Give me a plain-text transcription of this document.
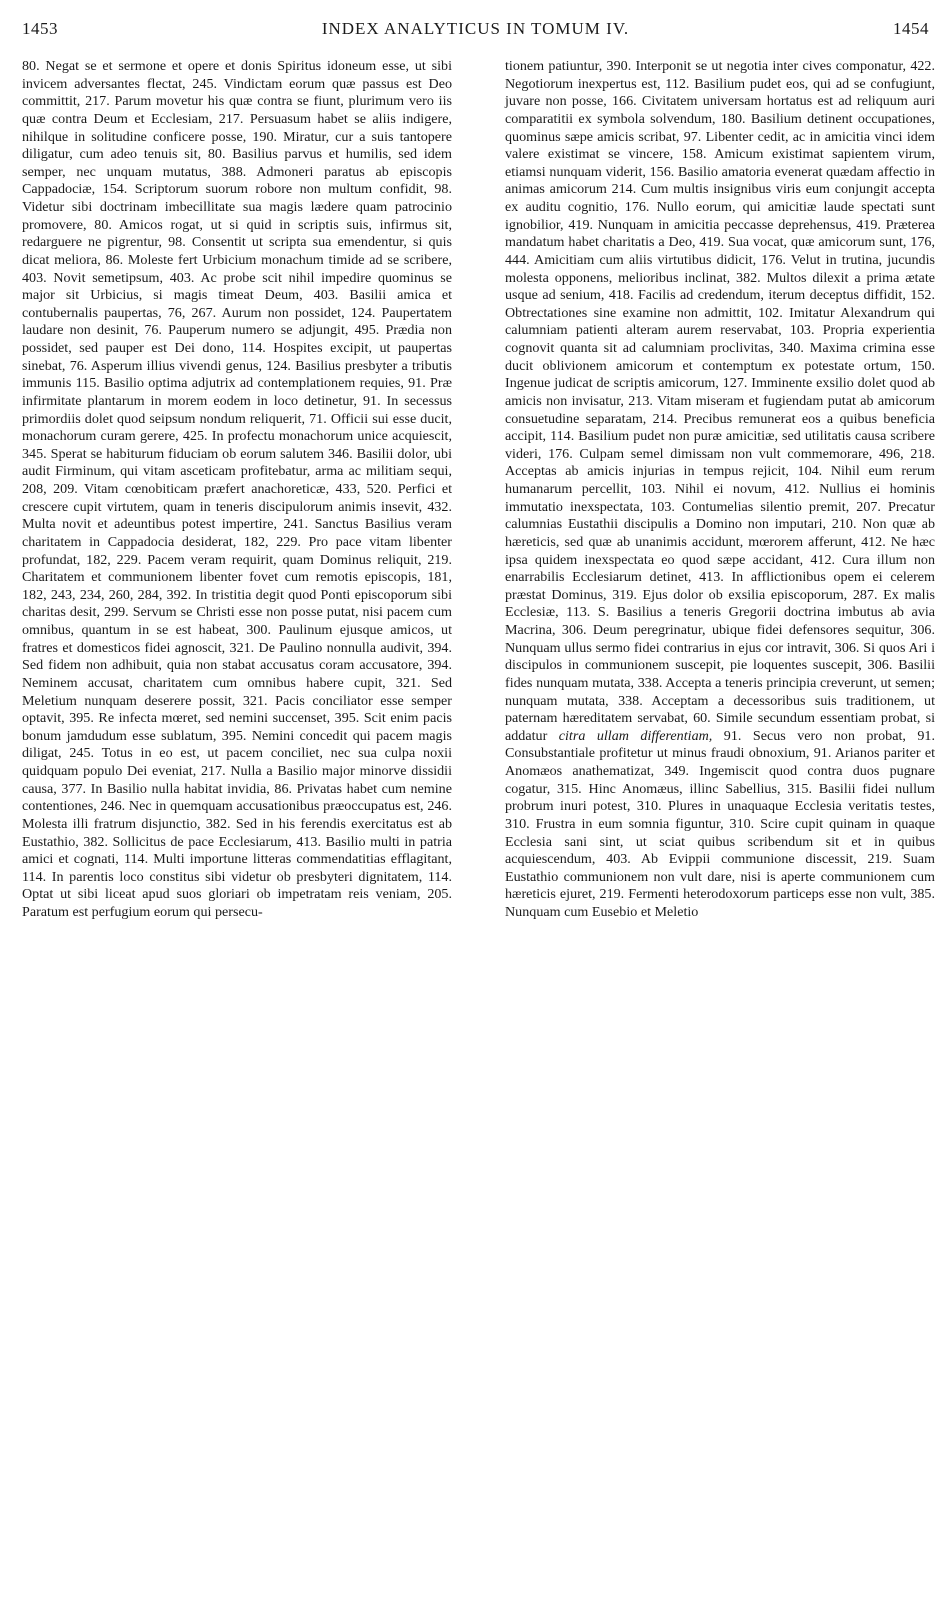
1453	INDEX ANALYTICUS IN TOMUM IV.	1454

80. Negat se et sermone et opere et donis Spiritus idoneum esse, ut sibi invicem adversantes flectat, 245. Vindictam eorum quæ passus est Deo committit, 217. Parum movetur his quæ contra se fiunt, plurimum vero iis quæ contra Deum et Ecclesiam, 217. Persuasum habet se aliis indigere, nihilque in solitudine conficere posse, 190. Miratur, cur a suis tantopere diligatur, cum adeo tenuis sit, 80. Basilius parvus et humilis, sed idem semper, nec unquam mutatus, 388. Admoneri paratus ab episcopis Cappadociæ, 154. Scriptorum suorum robore non multum confidit, 98. Videtur sibi doctrinam imbecillitate sua magis lædere quam patrocinio promovere, 80. Amicos rogat, ut si quid in scriptis suis, infirmus sit, redarguere ne pigrentur, 98. Consentit ut scripta sua emendentur, si quis dicat meliora, 86. Moleste fert Urbicium monachum timide ad se scribere, 403. Novit semetipsum, 403. Ac probe scit nihil impedire quominus se major sit Urbicius, si magis timeat Deum, 403. Basilii amica et contubernalis paupertas, 76, 267. Aurum non possidet, 124. Paupertatem laudare non desinit, 76. Pauperum numero se adjungit, 495. Prædia non possidet, sed pauper est Dei dono, 114. Hospites excipit, ut paupertas sinebat, 76. Asperum illius vivendi genus, 124. Basilius presbyter a tributis immunis 115. Basilio optima adjutrix ad contemplationem requies, 91. Præ infirmitate plantarum in morem eodem in loco detinetur, 91. In secessus primordiis dolet quod seipsum nondum reliquerit, 71. Officii sui esse ducit, monachorum curam gerere, 425. In profectu monachorum unice acquiescit, 345. Sperat se habiturum fiduciam ob eorum salutem 346. Basilii dolor, ubi audit Firminum, qui vitam asceticam profitebatur, arma ac militiam sequi, 208, 209. Vitam cœnobiticam præfert anachoreticæ, 433, 520. Perfici et crescere cupit virtutem, quam in teneris discipulorum animis insevit, 432. Multa novit et adeuntibus potest impertire, 241. Sanctus Basilius veram charitatem in Cappadocia desiderat, 182, 229. Pro pace vitam libenter profundat, 182, 229. Pacem veram requirit, quam Dominus reliquit, 219. Charitatem et communionem libenter fovet cum remotis episcopis, 181, 182, 243, 234, 260, 284, 392. In tristitia degit quod Ponti episcoporum sibi charitas desit, 299. Servum se Christi esse non posse putat, nisi pacem cum omnibus, quantum in se est habeat, 300. Paulinum ejusque amicos, ut fratres et domesticos fidei agnoscit, 321. De Paulino nonnulla audivit, 394. Sed fidem non adhibuit, quia non stabat accusatus coram accusatore, 394. Neminem accusat, charitatem cum omnibus habere cupit, 321. Sed Meletium nunquam deserere possit, 321. Pacis conciliator esse semper optavit, 395. Re infecta mœret, sed nemini succenset, 395. Scit enim pacis bonum jamdudum esse sublatum, 395. Nemini concedit qui pacem magis diligat, 245. Totus in eo est, ut pacem conciliet, nec sua culpa noxii quidquam populo Dei eveniat, 217. Nulla a Basilio major minorve dissidii causa, 377. In Basilio nulla habitat invidia, 86. Privatas habet cum nemine contentiones, 246. Nec in quemquam accusationibus præoccupatus est, 246. Molesta illi fratrum disjunctio, 382. Sed in his ferendis exercitatus est ab Eustathio, 382. Sollicitus de pace Ecclesiarum, 413. Basilio multi in patria amici et cognati, 114. Multi importune litteras commendatitias efflagitant, 114. In parentis loco constitus sibi videtur ob presbyteri dignitatem, 114. Optat ut sibi liceat apud suos gloriari ob impetratam reis veniam, 205. Paratum est perfugium eorum qui persecu-

tionem patiuntur, 390. Interponit se ut negotia inter cives componatur, 422. Negotiorum inexpertus est, 112. Basilium pudet eos, qui ad se confugiunt, juvare non posse, 166. Civitatem universam hortatus est ad reliquum auri comparatitii ex symbola solvendum, 180. Basilium detinent occupationes, quominus sæpe amicis scribat, 97. Libenter cedit, ac in amicitia vinci idem valere existimat se vincere, 158. Amicum existimat sapientem virum, etiamsi nunquam viderit, 156. Basilio amatoria evenerat quædam affectio in animas amicorum 214. Cum multis insignibus viris eum conjungit accepta ex auditu cognitio, 176. Nullo eorum, qui amicitiæ laude spectati sunt ignobilior, 419. Nunquam in amicitia peccasse deprehensus, 419. Præterea mandatum habet charitatis a Deo, 419. Sua vocat, quæ amicorum sunt, 176, 444. Amicitiam cum aliis virtutibus didicit, 176. Velut in trutina, jucundis molesta opponens, melioribus inclinat, 382. Multos dilexit a prima ætate usque ad senium, 418. Facilis ad credendum, iterum deceptus diffidit, 152. Obtrectationes sine examine non admittit, 102. Imitatur Alexandrum qui calumniam patienti alteram aurem reservabat, 103. Propria experientia cognovit quanta sit ad calumniam proclivitas, 340. Maxima crimina esse ducit oblivionem amicorum et contemptum ex potestate ortum, 150. Ingenue judicat de scriptis amicorum, 127. Imminente exsilio dolet quod ab amicis non invisatur, 213. Vitam miseram et fugiendam putat ab amicorum consuetudine separatam, 214. Precibus remunerat eos a quibus beneficia accipit, 114. Basilium pudet non puræ amicitiæ, sed utilitatis causa scribere videri, 176. Culpam semel dimissam non vult commemorare, 496, 218. Acceptas ab amicis injurias in tempus rejicit, 104. Nihil eum rerum humanarum percellit, 103. Nihil ei novum, 412. Nullius ei hominis immutatio inexspectata, 103. Contumelias silentio premit, 207. Precatur calumnias Eustathii discipulis a Domino non imputari, 210. Non quæ ab hæreticis, sed quæ ab unanimis accidunt, mœrorem afferunt, 412. Ne hæc ipsa quidem inexspectata eo quod sæpe accidant, 412. Cura illum non enarrabilis Ecclesiarum detinet, 413. In afflictionibus opem ei celerem præstat Dominus, 319. Ejus dolor ob exsilia episcoporum, 287. Ex malis Ecclesiæ, 113. S. Basilius a teneris Gregorii doctrina imbutus ab avia Macrina, 306. Deum peregrinatur, ubique fidei defensores sequitur, 306. Nunquam ullus sermo fidei contrarius in ejus cor intravit, 306. Si quos Ari i discipulos in communionem suscepit, pie loquentes suscepit, 306. Basilii fides nunquam mutata, 338. Accepta a teneris principia creverunt, ut semen; nunquam mutata, 338. Acceptam a decessoribus suis traditionem, ut paternam hæreditatem servabat, 60. Simile secundum essentiam probat, si addatur citra ullam differentiam, 91. Secus vero non probat, 91. Consubstantiale profitetur ut minus fraudi obnoxium, 91. Arianos pariter et Anomæos anathematizat, 349. Ingemiscit quod contra duos pugnare cogatur, 315. Hinc Anomæus, illinc Sabellius, 315. Basilii fidei nullum probrum inuri potest, 310. Plures in unaquaque Ecclesia veritatis testes, 310. Frustra in eum somnia figuntur, 310. Scire cupit quinam in quaque Ecclesia sani sint, ut sciat quibus scribendum sit et in quibus acquiescendum, 403. Ab Evippii communione discessit, 219. Suam Eustathio communionem non vult dare, nisi is aperte communionem cum hæreticis ejuret, 219. Fermenti heterodoxorum particeps esse non vult, 385. Nunquam cum Eusebio et Meletio
